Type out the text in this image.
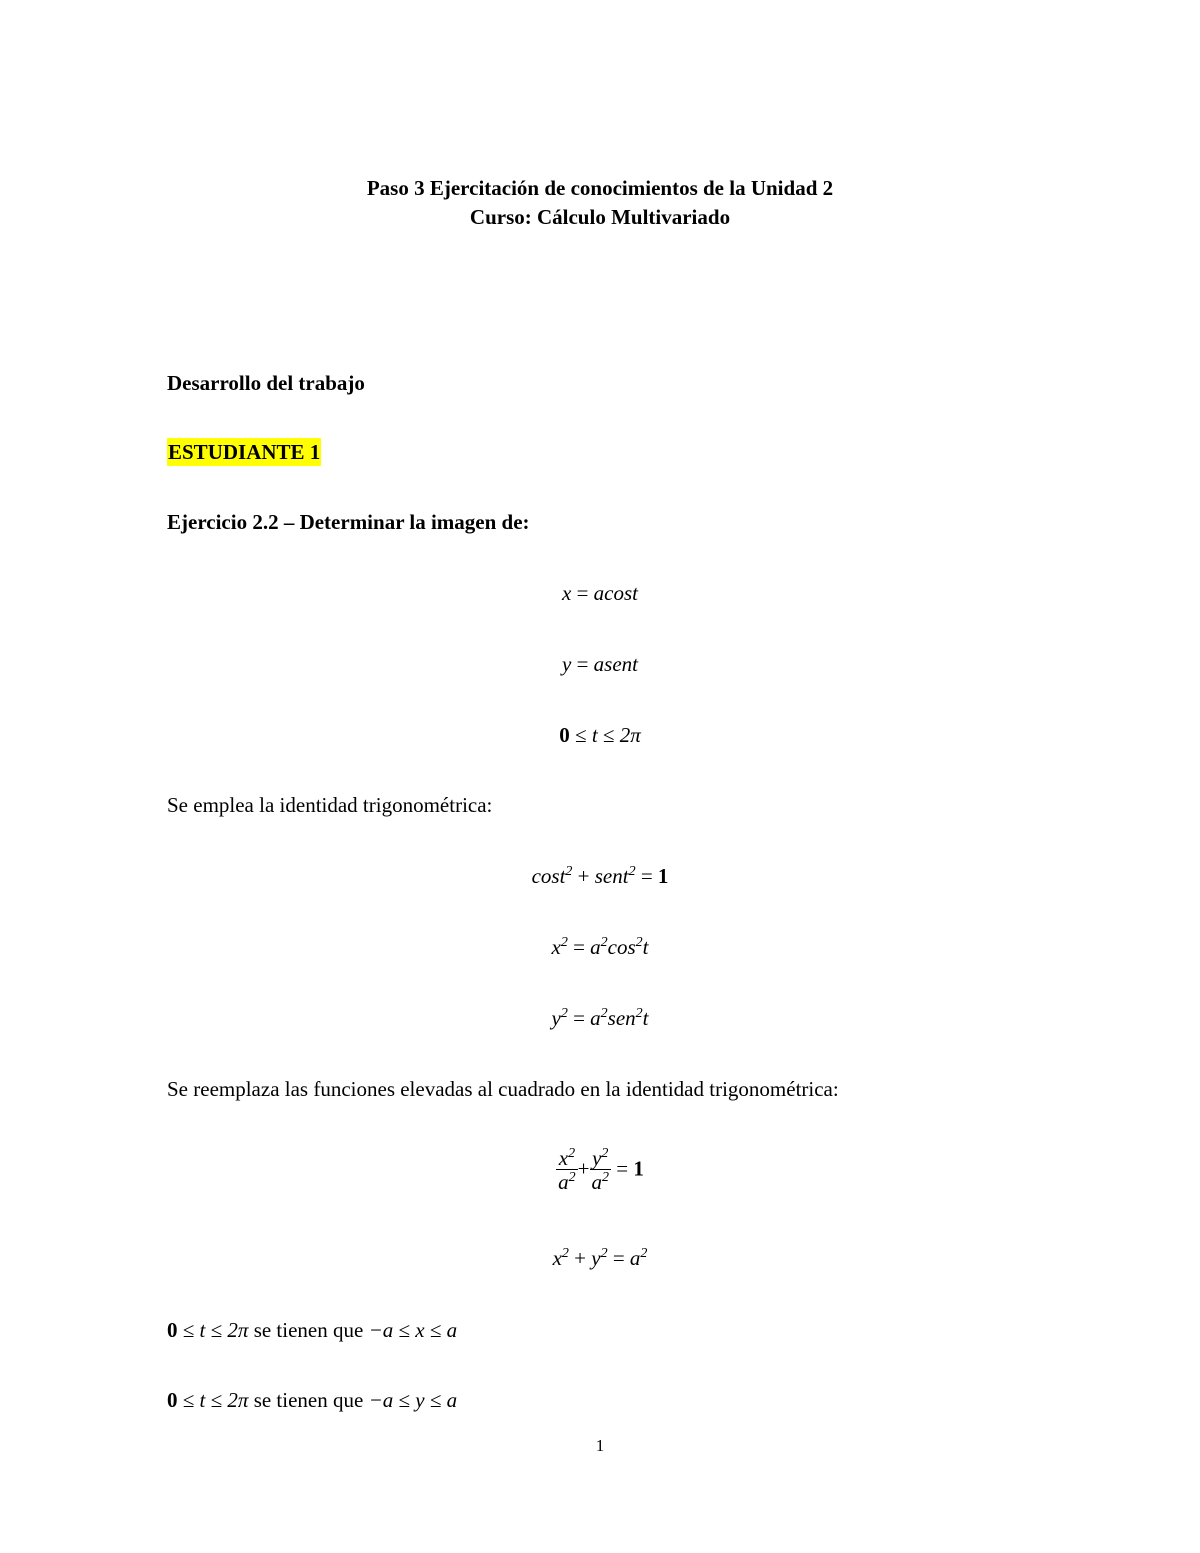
Paso 3 Ejercitación de conocimientos de la Unidad 2
Curso: Cálculo Multivariado
Desarrollo del trabajo
ESTUDIANTE 1
Ejercicio 2.2 – Determinar la imagen de:
x = acost
y = asent
0 ≤ t ≤ 2π
Se emplea la identidad trigonométrica:
cost$^2$ + sent$^2$ = 1
$x^2 = a^2\cos^2t$
$y^2 = a^2sen^2t$
Se reemplaza las funciones elevadas al cuadrado en la identidad trigonométrica:
$\frac{x^2}{a^2} + \frac{y^2}{a^2} = 1$
$x^2 + y^2 = a^2$
0 ≤ t ≤ 2π se tienen que −a ≤ x ≤ a
0 ≤ t ≤ 2π se tienen que −a ≤ y ≤ a
1
